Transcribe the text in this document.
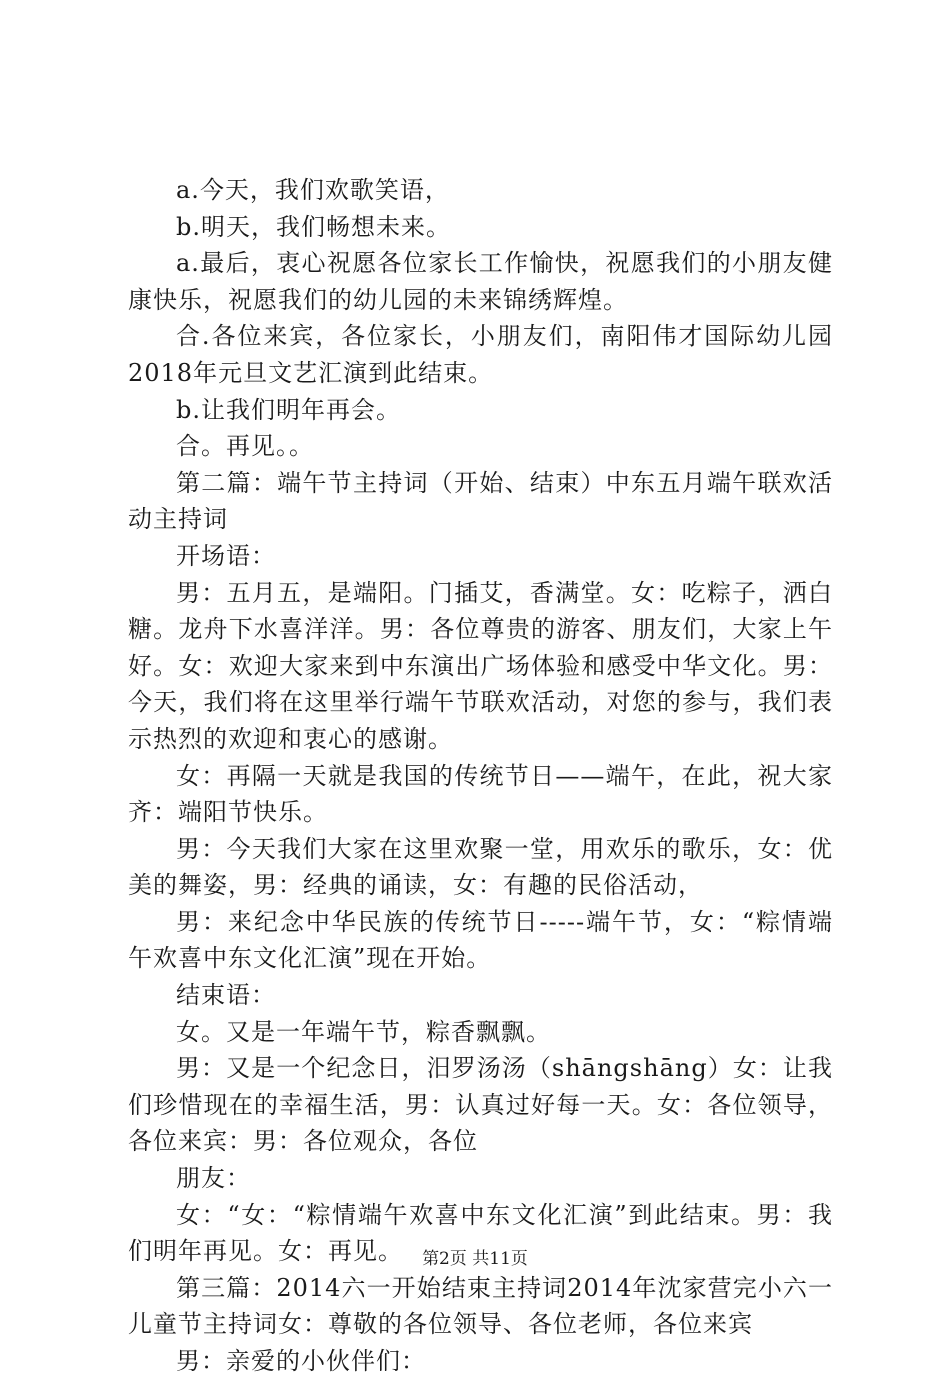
a.今天，我们欢歌笑语，

b.明天，我们畅想未来。

a.最后，衷心祝愿各位家长工作愉快，祝愿我们的小朋友健康快乐，祝愿我们的幼儿园的未来锦绣辉煌。

合.各位来宾，各位家长，小朋友们，南阳伟才国际幼儿园2018年元旦文艺汇演到此结束。

b.让我们明年再会。

合。再见。。

第二篇：端午节主持词（开始、结束）中东五月端午联欢活动主持词

开场语：

男：五月五，是端阳。门插艾，香满堂。女：吃粽子，洒白糖。龙舟下水喜洋洋。男：各位尊贵的游客、朋友们，大家上午好。女：欢迎大家来到中东演出广场体验和感受中华文化。男：今天，我们将在这里举行端午节联欢活动，对您的参与，我们表示热烈的欢迎和衷心的感谢。

女：再隔一天就是我国的传统节日——端午，在此，祝大家齐：端阳节快乐。

男：今天我们大家在这里欢聚一堂，用欢乐的歌乐，女：优美的舞姿，男：经典的诵读，女：有趣的民俗活动，

男：来纪念中华民族的传统节日-----端午节，女：“粽情端午欢喜中东文化汇演”现在开始。

结束语：

女。又是一年端午节，粽香飘飘。

男：又是一个纪念日，汨罗汤汤（shāngshāng）女：让我们珍惜现在的幸福生活，男：认真过好每一天。女：各位领导，各位来宾：男：各位观众，各位

朋友：

女：“女：“粽情端午欢喜中东文化汇演”到此结束。男：我们明年再见。女：再见。

第三篇：2014六一开始结束主持词2014年沈家营完小六一儿童节主持词女：尊敬的各位领导、各位老师，各位来宾

男：亲爱的小伙伴们：

第2页 共11页
